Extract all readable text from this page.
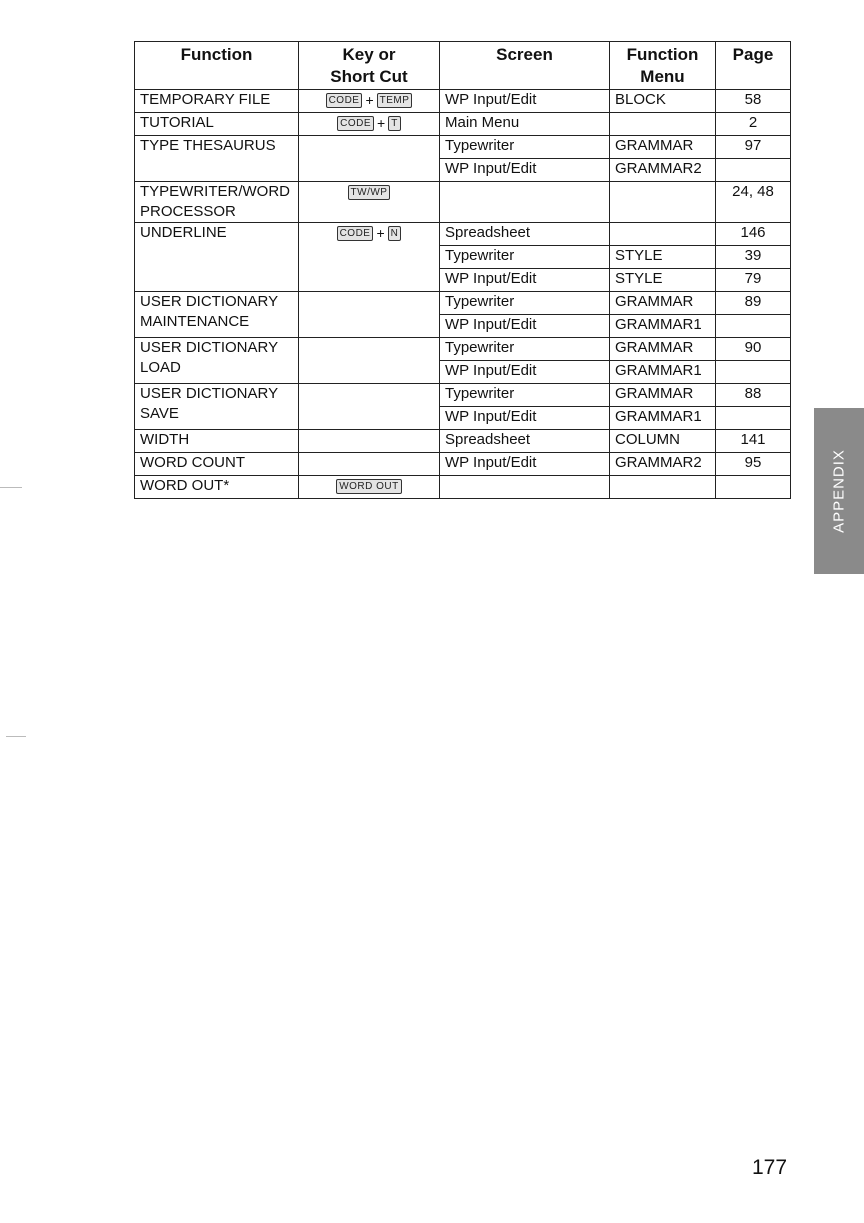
Function	Key or
Short Cut	Screen	Function
Menu	Page
TEMPORARY FILE	CODE + TEMP	WP Input/Edit	BLOCK	58
TUTORIAL	CODE + T	Main Menu		2
TYPE THESAURUS		Typewriter	GRAMMAR	97
		WP Input/Edit	GRAMMAR2	
TYPEWRITER/WORD PROCESSOR	TW/WP			24, 48
UNDERLINE	CODE + N	Spreadsheet		146
		Typewriter	STYLE	39
		WP Input/Edit	STYLE	79
USER DICTIONARY MAINTENANCE		Typewriter	GRAMMAR	89
		WP Input/Edit	GRAMMAR1	
USER DICTIONARY LOAD		Typewriter	GRAMMAR	90
		WP Input/Edit	GRAMMAR1	
USER DICTIONARY SAVE		Typewriter	GRAMMAR	88
		WP Input/Edit	GRAMMAR1	
WIDTH		Spreadsheet	COLUMN	141
WORD COUNT		WP Input/Edit	GRAMMAR2	95
WORD OUT*	WORD OUT				APPENDIX
177
